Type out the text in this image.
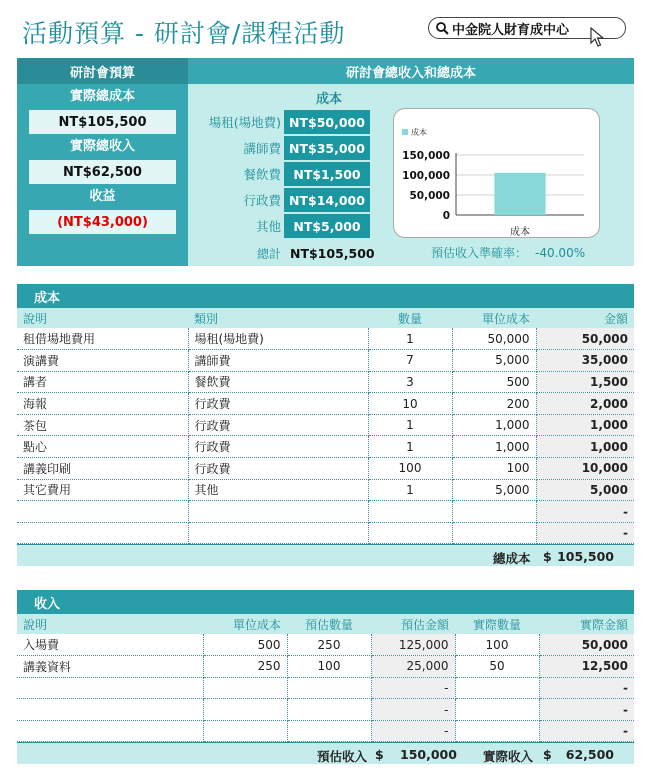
活動預算 - 研討會/課程活動	中金院人財育成中心
研討會預算
實際總成本
NT$105,500
實際總收入
NT$62,500
收益
(NT$43,000)
研討會總收入和總成本
成本
場租(場地費) NT$50,000
講師費 NT$35,000
餐飲費 NT$1,500
行政費 NT$14,000
其他 NT$5,000
總計 NT$105,500
成本
0
50,000
100,000
150,000
成本
預估收入準確率： -40.00%
成本
說明	類別	數量	單位成本	金額
租借場地費用	場租(場地費)	1	50,000	50,000
演講費	講師費	7	5,000	35,000
講者	餐飲費	3	500	1,500
海報	行政費	10	200	2,000
茶包	行政費	1	1,000	1,000
點心	行政費	1	1,000	1,000
講義印刷	行政費	100	100	10,000
其它費用	其他	1	5,000	5,000
				-
				-
總成本 $ 105,500
收入
說明	單位成本	預估數量	預估金額	實際數量	實際金額
入場費	500	250	125,000	100	50,000
講義資料	250	100	25,000	50	12,500
			-		-
			-		-
			-		-
預估收入 $ 150,000 實際收入 $ 62,500
